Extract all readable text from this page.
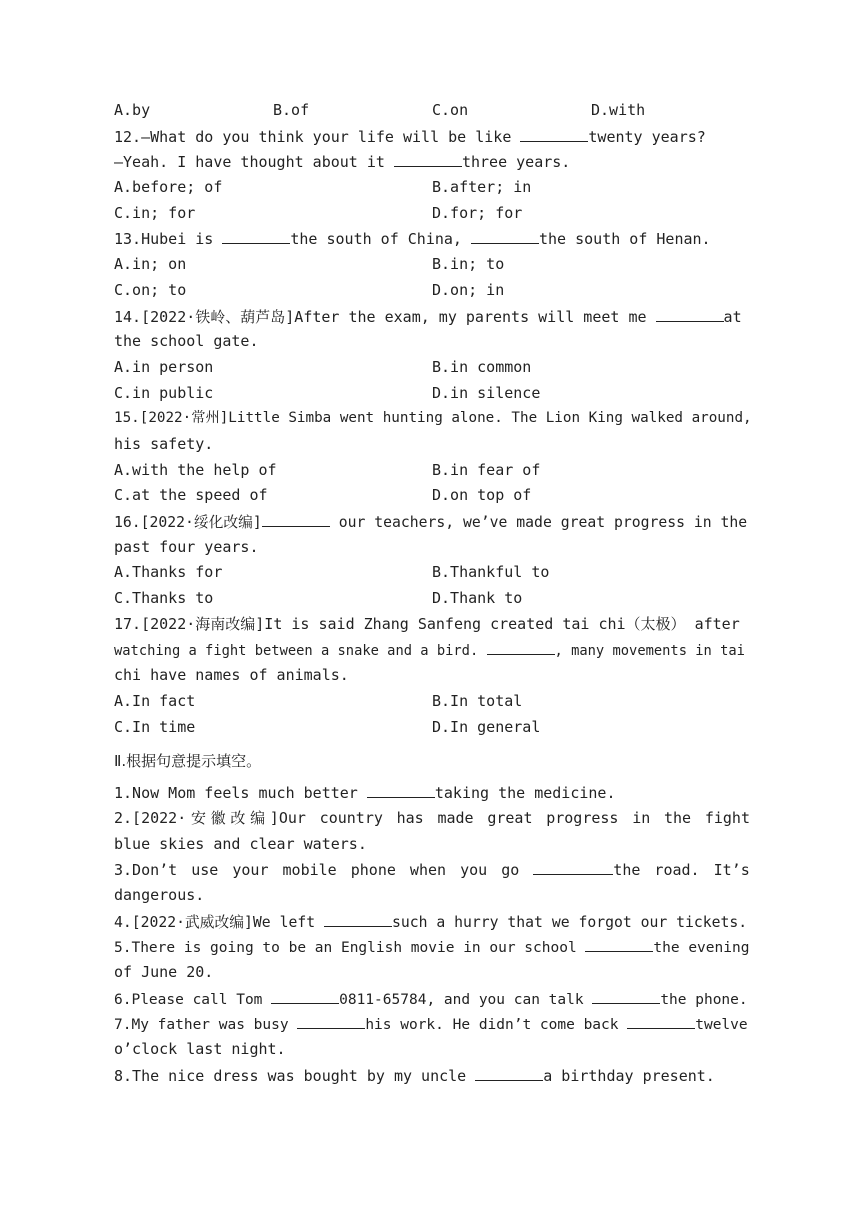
A.by	B.of	C.on	D.with
12.—What do you think your life will be like	twenty years?
—Yeah. I have thought about it	three years.
A.before; of	B.after; in
C.in; for	D.for; for
13.Hubei is	the south of China,	the south of Henan.
A.in; on	B.in; to
C.on; to	D.on; in
14.[2022·铁岭、葫芦岛]After the exam, my parents will meet me	at
the school gate.
A.in person	B.in common
C.in public	D.in silence
15.[2022·常州]Little Simba went hunting alone. The Lion King walked around,
his safety.
A.with the help of	B.in fear of
C.at the speed of	D.on top of
16.[2022·绥化改编]	our teachers, we’ve made great progress in the
past four years.
A.Thanks for	B.Thankful to
C.Thanks to	D.Thank to
17.[2022·海南改编]It is said Zhang Sanfeng created tai chi（太极） after
watching a fight between a snake and a bird.	, many movements in tai
chi have names of animals.
A.In fact	B.In total
C.In time	D.In general
Ⅱ.根据句意提示填空。
1.Now Mom feels much better	taking the medicine.
2.[2022·安徽改编]Our country has made great progress in the fight
blue skies and clear waters.
3.Don’t use your mobile phone when you go	the road. It’s
dangerous.
4.[2022·武威改编]We left	such a hurry that we forgot our tickets.
5.There is going to be an English movie in our school	the evening
of June 20.
6.Please call Tom	0811-65784, and you can talk	the phone.
7.My father was busy	his work. He didn’t come back	twelve
o’clock last night.
8.The nice dress was bought by my uncle	a birthday present.
